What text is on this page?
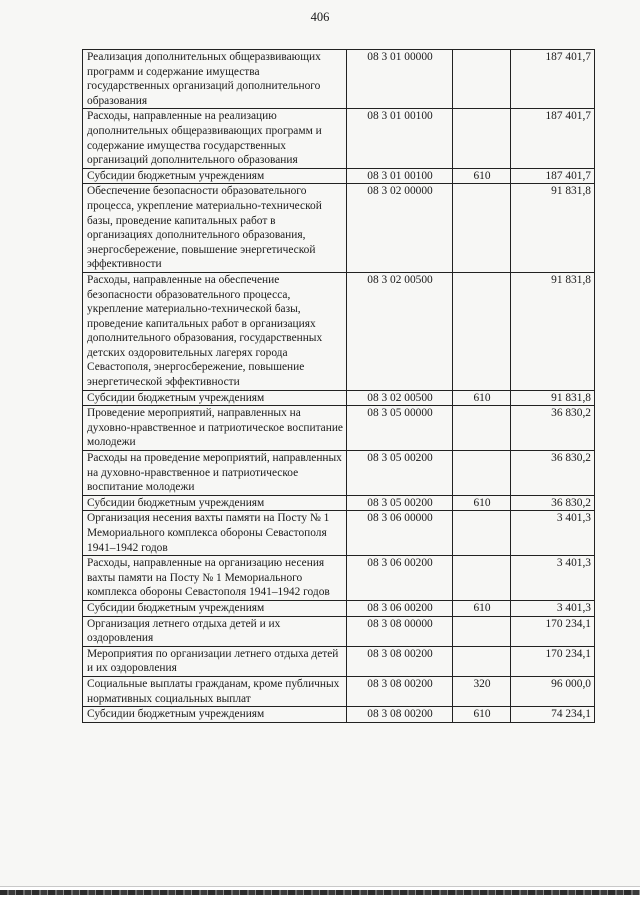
406
Реализация дополнительных общеразвивающих программ и содержание имущества государственных организаций дополнительного образования	08 3 01 00000		187 401,7
Расходы, направленные на реализацию дополнительных общеразвивающих программ и содержание имущества государственных организаций дополнительного образования	08 3 01 00100		187 401,7
Субсидии бюджетным учреждениям	08 3 01 00100	610	187 401,7
Обеспечение безопасности образовательного процесса, укрепление материально-технической базы, проведение капитальных работ в организациях дополнительного образования, энергосбережение, повышение энергетической эффективности	08 3 02 00000		91 831,8
Расходы, направленные на обеспечение безопасности образовательного процесса, укрепление материально-технической базы, проведение капитальных работ в организациях дополнительного образования, государственных детских оздоровительных лагерях города Севастополя, энергосбережение, повышение энергетической эффективности	08 3 02 00500		91 831,8
Субсидии бюджетным учреждениям	08 3 02 00500	610	91 831,8
Проведение мероприятий, направленных на духовно-нравственное и патриотическое воспитание молодежи	08 3 05 00000		36 830,2
Расходы на проведение мероприятий, направленных на духовно-нравственное и патриотическое воспитание молодежи	08 3 05 00200		36 830,2
Субсидии бюджетным учреждениям	08 3 05 00200	610	36 830,2
Организация несения вахты памяти на Посту № 1 Мемориального комплекса обороны Севастополя 1941–1942 годов	08 3 06 00000		3 401,3
Расходы, направленные на организацию несения вахты памяти на Посту № 1 Мемориального комплекса обороны Севастополя 1941–1942 годов	08 3 06 00200		3 401,3
Субсидии бюджетным учреждениям	08 3 06 00200	610	3 401,3
Организация летнего отдыха детей и их оздоровления	08 3 08 00000		170 234,1
Мероприятия по организации летнего отдыха детей и их оздоровления	08 3 08 00200		170 234,1
Социальные выплаты гражданам, кроме публичных нормативных социальных выплат	08 3 08 00200	320	96 000,0
Субсидии бюджетным учреждениям	08 3 08 00200	610	74 234,1
